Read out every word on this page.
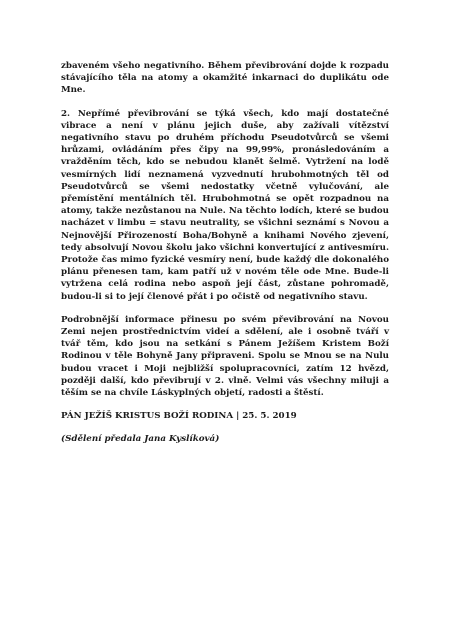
zbaveném všeho negativního. Během převibrování dojde k rozpadu stávajícího těla na atomy a okamžité inkarnaci do duplikátu ode Mne.

2. Nepřímé převibrování se týká všech, kdo mají dostatečné vibrace a není v plánu jejich duše, aby zažívali vítězství negativního stavu po druhém příchodu Pseudotvůrců se všemi hrůzami, ovládáním přes čipy na 99,99%, pronásledováním a vražděním těch, kdo se nebudou klanět šelmě. Vytržení na lodě vesmírných lidí neznamená vyzvednutí hrubohmotných těl od Pseudotvůrců se všemi nedostatky včetně vylučování, ale přemístění mentálních těl. Hrubohmotná se opět rozpadnou na atomy, takže nezůstanou na Nule. Na těchto lodích, které se budou nacházet v limbu = stavu neutrality, se všichni seznámí s Novou a Nejnovější Přirozeností Boha/Bohyně a knihami Nového zjevení, tedy absolvují Novou školu jako všichni konvertující z antivesmíru. Protože čas mimo fyzické vesmíry není, bude každý dle dokonalého plánu přenesen tam, kam patří už v novém těle ode Mne. Bude-li vytržena celá rodina nebo aspoň její část, zůstane pohromadě, budou-li si to její členové přát i po očistě od negativního stavu.

Podrobnější informace přinesu po svém převibrování na Novou Zemi nejen prostřednictvím videí a sdělení, ale i osobně tváří v tvář těm, kdo jsou na setkání s Pánem Ježíšem Kristem Boží Rodinou v těle Bohyně Jany připraveni. Spolu se Mnou se na Nulu budou vracet i Moji nejbližší spolupracovníci, zatím 12 hvězd, později další, kdo převibrují v 2. vlně. Velmi vás všechny miluji a těším se na chvíle Láskyplných objetí, radosti a štěstí.

PÁN JEŽÍŠ KRISTUS BOŽÍ RODINA | 25. 5. 2019

(Sdělení předala Jana Kyslíková)
